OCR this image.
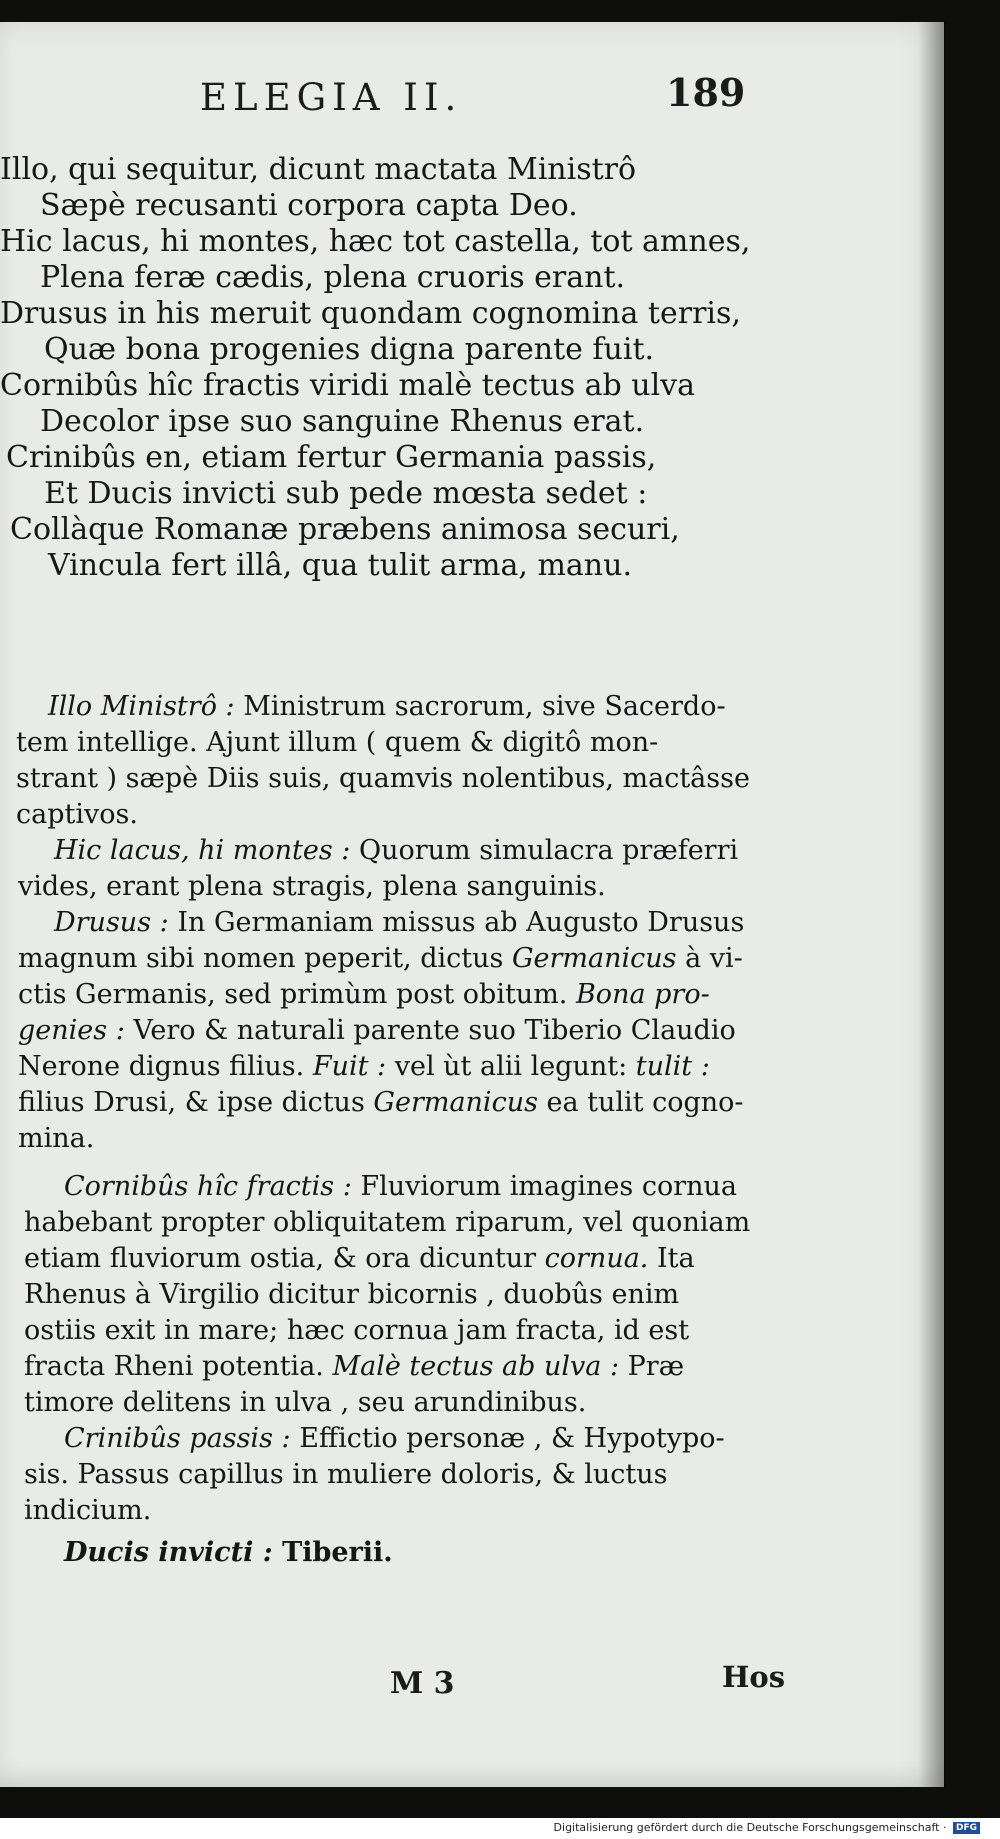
ELEGIA II.	189
Illo, qui sequitur, dicunt mactata Ministrô
Sæpè recusanti corpora capta Deo.
Hic lacus, hi montes, hæc tot castella, tot amnes,
Plena feræ cædis, plena cruoris erant.
Drusus in his meruit quondam cognomina terris,
Quæ bona progenies digna parente fuit.
Cornibûs hîc fractis viridi malè tectus ab ulva
Decolor ipse suo sanguine Rhenus erat.
Crinibûs en, etiam fertur Germania passis,
Et Ducis invicti sub pede mœsta sedet :
Collàque Romanæ præbens animosa securi,
Vincula fert illâ, qua tulit arma, manu.
Illo Ministrô : Ministrum sacrorum, sive Sacerdo-
tem intellige. Ajunt illum ( quem & digitô mon-
strant ) sæpè Diis suis, quamvis nolentibus, mactâsse
captivos.
Hic lacus, hi montes : Quorum simulacra præferri
vides, erant plena stragis, plena sanguinis.
Drusus : In Germaniam missus ab Augusto Drusus
magnum sibi nomen peperit, dictus Germanicus à vi-
ctis Germanis, sed primùm post obitum. Bona pro-
genies : Vero & naturali parente suo Tiberio Claudio
Nerone dignus filius. Fuit : vel ùt alii legunt: tulit :
filius Drusi, & ipse dictus Germanicus ea tulit cogno-
mina.
Cornibûs hîc fractis : Fluviorum imagines cornua
habebant propter obliquitatem riparum, vel quoniam
etiam fluviorum ostia, & ora dicuntur cornua. Ita
Rhenus à Virgilio dicitur bicornis , duobûs enim
ostiis exit in mare; hæc cornua jam fracta, id est
fracta Rheni potentia. Malè tectus ab ulva : Præ
timore delitens in ulva , seu arundinibus.
Crinibûs passis : Effictio personæ , & Hypotypo-
sis. Passus capillus in muliere doloris, & luctus
indicium.
Ducis invicti : Tiberii.
M 3	Hos
Digitalisierung gefördert durch die Deutsche Forschungsgemeinschaft · DFG
